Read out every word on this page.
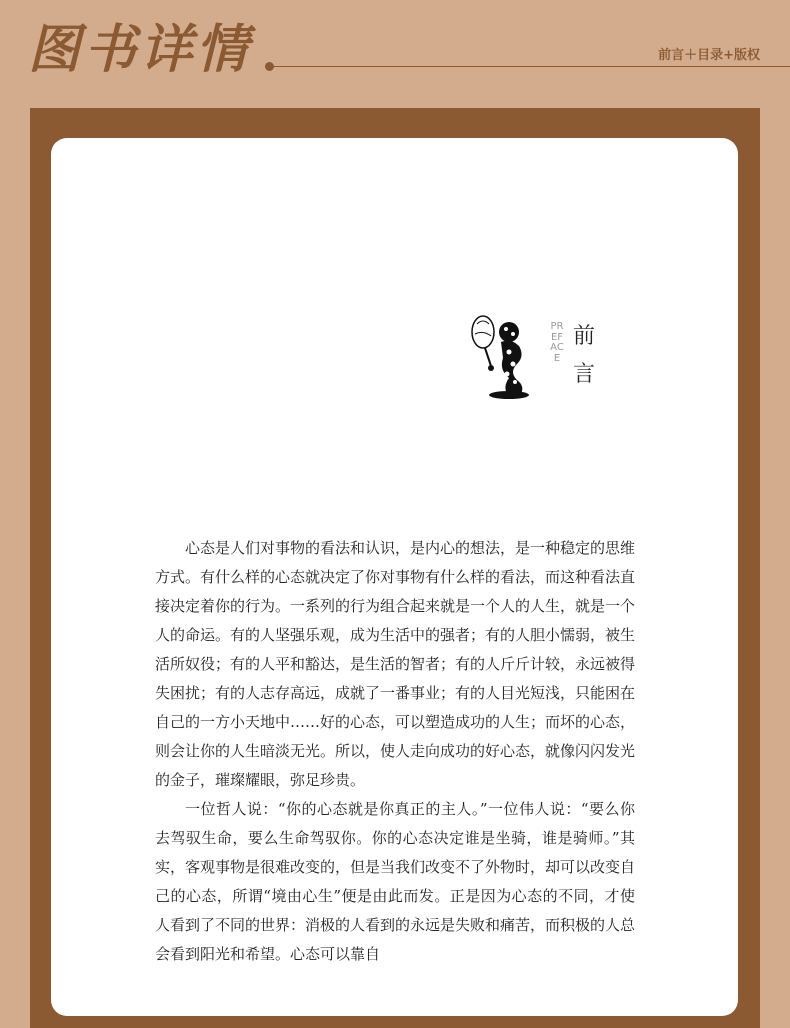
图书详情	前言＋目录+版权
PREFACE
前
言

心态是人们对事物的看法和认识，是内心的想法，是一种稳定的思维方式。有什么样的心态就决定了你对事物有什么样的看法，而这种看法直接决定着你的行为。一系列的行为组合起来就是一个人的人生，就是一个人的命运。有的人坚强乐观，成为生活中的强者；有的人胆小懦弱，被生活所奴役；有的人平和豁达，是生活的智者；有的人斤斤计较，永远被得失困扰；有的人志存高远，成就了一番事业；有的人目光短浅，只能困在自己的一方小天地中……好的心态，可以塑造成功的人生；而坏的心态，则会让你的人生暗淡无光。所以，使人走向成功的好心态，就像闪闪发光的金子，璀璨耀眼，弥足珍贵。

一位哲人说：“你的心态就是你真正的主人。”一位伟人说：“要么你去驾驭生命，要么生命驾驭你。你的心态决定谁是坐骑，谁是骑师。”其实，客观事物是很难改变的，但是当我们改变不了外物时，却可以改变自己的心态，所谓“境由心生”便是由此而发。正是因为心态的不同，才使人看到了不同的世界：消极的人看到的永远是失败和痛苦，而积极的人总会看到阳光和希望。心态可以靠自
